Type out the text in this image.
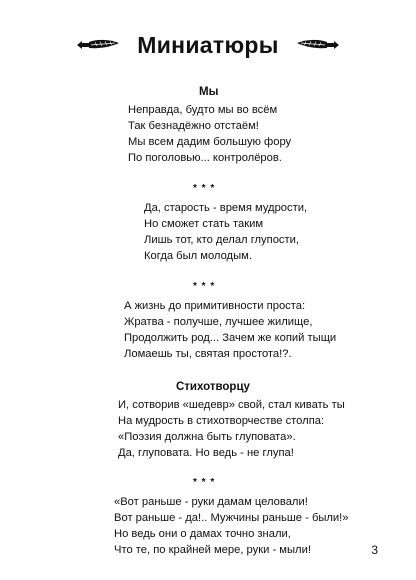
Миниатюры
Мы
Неправда, будто мы во всём
Так безнадёжно отстаём!
Мы всем дадим большую фору
По поголовью... контролёров.
* * *
Да, старость - время мудрости,
Но сможет стать таким
Лишь тот, кто делал глупости,
Когда был молодым.
* * *
А жизнь до примитивности проста:
Жратва - получше, лучшее жилище,
Продолжить род... Зачем же копий тыщи
Ломаешь ты, святая простота!?.
Стихотворцу
И, сотворив «шедевр» свой, стал кивать ты
На мудрость в стихотворчестве столпа:
«Поэзия должна быть глуповата».
Да, глуповата. Но ведь - не глупа!
* * *
«Вот раньше - руки дамам целовали!
Вот раньше - да!.. Мужчины раньше - были!»
Но ведь они о дамах точно знали,
Что те, по крайней мере, руки - мыли!	3
